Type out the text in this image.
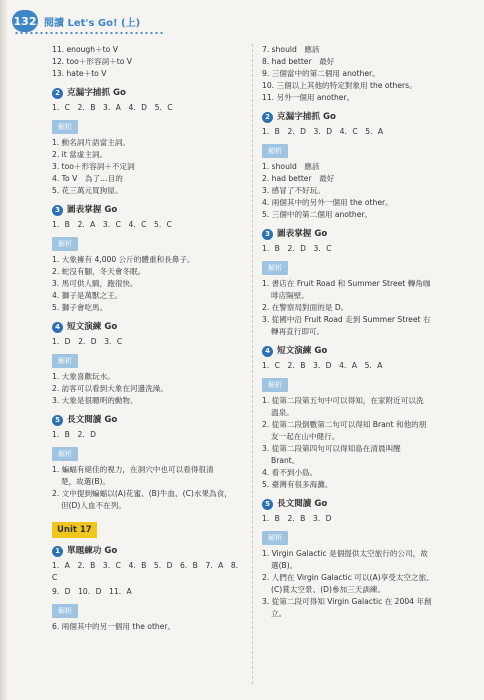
132 閱讀 Let's Go! (上)
11. enough＋to V
12. too＋形容詞＋to V
13. hate＋to V
2 克漏字捕抓 Go
1. C　2. B　3. A　4. D　5. C
解析
1. 動名詞片語當主詞。
2. it 當虛主詞。
3. too＋形容詞＋不定詞
4. To V　為了…目的
5. 花三萬元買狗屋。
3 圖表掌握 Go
1. B　2. A　3. C　4. C　5. C
解析
1. 大象擁有 4,000 公斤的體重和長鼻子。
2. 蛇沒有腳，冬天會冬眠。
3. 馬可供人騎，跑很快。
4. 獅子是萬獸之王。
5. 獅子會吃馬。
4 短文演練 Go
1. D　2. D　3. C
解析
1. 大象喜歡玩水。
2. 訪客可以看到大象在河邊洗澡。
3. 大象是很聰明的動物。
5 長文閱讀 Go
1. B　2. D
解析
1. 蝙蝠有絕佳的視力，在洞穴中也可以看得很清
楚，故選(B)。
2. 文中提到蝙蝠以(A)花蜜、(B)牛血、(C)水果為食，
但(D)人血不在列。
Unit 17
1 單題練功 Go
1. A　2. B　3. C　4. B　5. D　6. B　7. A　8. C
9. D　10. D　11. A
解析
6. 兩個其中的另一個用 the other。
7. should　應該
8. had better　最好
9. 三個當中的第二個用 another。
10. 三個以上其他的特定對象用 the others。
11. 另外一個用 another。
2 克漏字捕抓 Go
1. B　2. D　3. D　4. C　5. A
解析
1. should　應該
2. had better　最好
3. 感冒了不好玩。
4. 兩個其中的另外一個用 the other。
5. 三個中的第二個用 another。
3 圖表掌握 Go
1. B　2. D　3. C
解析
1. 書店在 Fruit Road 和 Summer Street 轉角咖
啡店隔壁。
2. 在警察局對面的是 D。
3. 從國中沿 Fruit Road 走到 Summer Street 右
轉再直行即可。
4 短文演練 Go
1. C　2. B　3. D　4. A　5. A
解析
1. 從第二段第五句中可以得知，在家附近可以洗
溫泉。
2. 從第二段倒數第二句可以得知 Brant 和他的朋
友一起在山中健行。
3. 從第二段第四句可以得知島在清晨叫醒
Brant。
4. 看不到小島。
5. 臺灣有很多海灘。
5 長文閱讀 Go
1. B　2. B　3. D
解析
1. Virgin Galactic 是個提供太空旅行的公司，故
選(B)。
2. 人們在 Virgin Galactic 可以(A)享受太空之旅、
(C)賞太空景、(D)參加三天訓練。
3. 從第二段可得知 Virgin Galactic 在 2004 年創
立。
